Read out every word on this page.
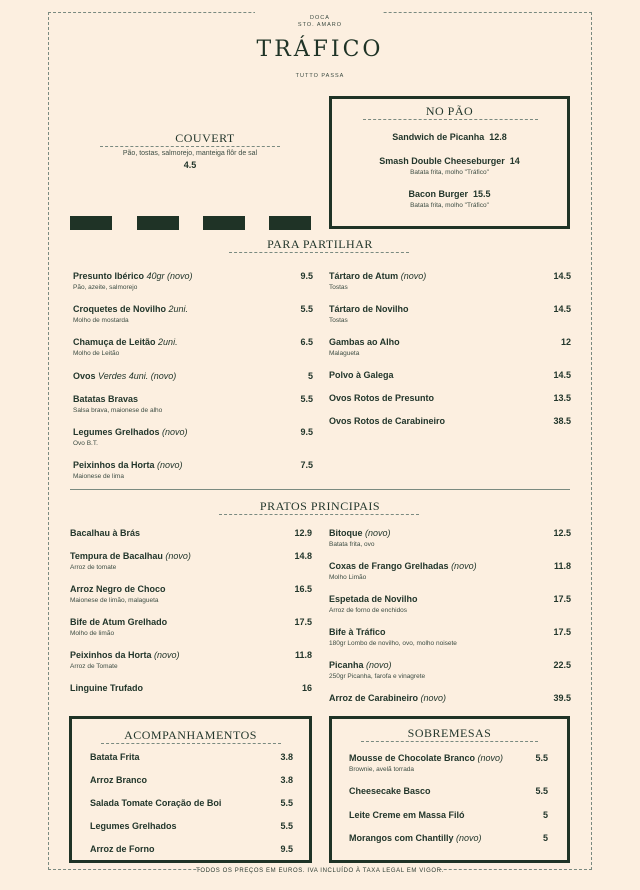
DOCA
STO. AMARO
TRÁFICO
TUTTO PASSA
COUVERT
Pão, tostas, salmorejo, manteiga flôr de sal
4.5
NO PÃO
Sandwich de Picanha 12.8
Smash Double Cheeseburger 14
Batata frita, molho "Tráfico"
Bacon Burger 15.5
Batata frita, molho "Tráfico"
PARA PARTILHAR
Presunto Ibérico 40gr (novo)
Pão, azeite, salmorejo
9.5
Croquetes de Novilho 2uni.
Molho de mostarda
5.5
Chamuça de Leitão 2uni.
Molho de Leitão
6.5
Ovos Verdes 4uni. (novo)	5
Batatas Bravas
Salsa brava, maionese de alho
5.5
Legumes Grelhados (novo)
Ovo B.T.
9.5
Peixinhos da Horta (novo)
Maionese de lima
7.5
Tártaro de Atum (novo)
Tostas
14.5
Tártaro de Novilho
Tostas
14.5
Gambas ao Alho
Malagueta
12
Polvo à Galega	14.5
Ovos Rotos de Presunto	13.5
Ovos Rotos de Carabineiro	38.5
PRATOS PRINCIPAIS
Bacalhau à Brás	12.9
Tempura de Bacalhau (novo)
Arroz de tomate
14.8
Arroz Negro de Choco
Maionese de limão, malagueta
16.5
Bife de Atum Grelhado
Molho de limão
17.5
Peixinhos da Horta (novo)
Arroz de Tomate
11.8
Linguine Trufado	16
Bitoque (novo)
Batata frita, ovo
12.5
Coxas de Frango Grelhadas (novo)
Molho Limão
11.8
Espetada de Novilho
Arroz de forno de enchidos
17.5
Bife à Tráfico
180gr Lombo de novilho, ovo, molho noisete
17.5
Picanha (novo)
250gr Picanha, farofa e vinagrete
22.5
Arroz de Carabineiro (novo)	39.5
ACOMPANHAMENTOS
Batata Frita	3.8
Arroz Branco	3.8
Salada Tomate Coração de Boi	5.5
Legumes Grelhados	5.5
Arroz de Forno	9.5
SOBREMESAS
Mousse de Chocolate Branco (novo)
Brownie, avelã torrada
5.5
Cheesecake Basco	5.5
Leite Creme em Massa Filó	5
Morangos com Chantilly (novo)	5
TODOS OS PREÇOS EM EUROS. IVA INCLUÍDO À TAXA LEGAL EM VIGOR.
